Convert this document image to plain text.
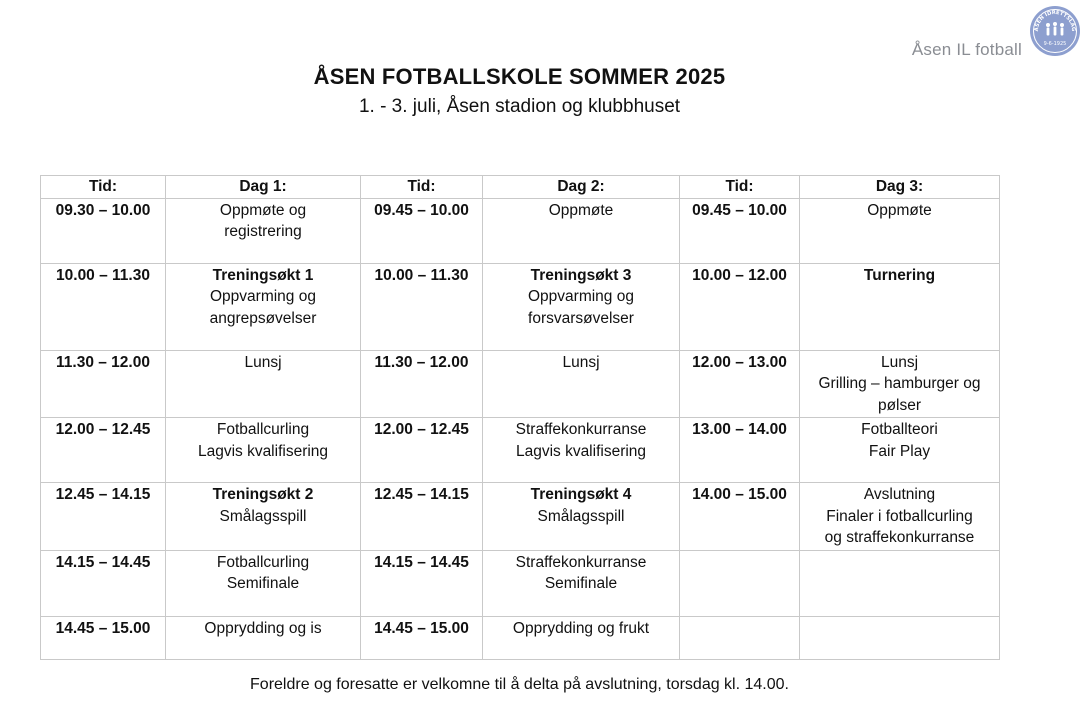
Åsen IL fotball
ÅSEN IDRETTSLAG
9-6-1925
ÅSEN FOTBALLSKOLE SOMMER 2025
1. - 3. juli, Åsen stadion og klubbhuset
Tid:	Dag 1:	Tid:	Dag 2:	Tid:	Dag 3:
09.30 – 10.00	Oppmøte og
registrering	09.45 – 10.00	Oppmøte	09.45 – 10.00	Oppmøte

10.00 – 11.30	Treningsøkt 1
Oppvarming og
angrepsøvelser	10.00 – 11.30	Treningsøkt 3
Oppvarming og
forsvarsøvelser	10.00 – 12.00	Turnering

11.30 – 12.00	Lunsj	11.30 – 12.00	Lunsj	12.00 – 13.00	Lunsj
Grilling – hamburger og
pølser

12.00 – 12.45	Fotballcurling
Lagvis kvalifisering	12.00 – 12.45	Straffekonkurranse
Lagvis kvalifisering	13.00 – 14.00	Fotballteori
Fair Play

12.45 – 14.15	Treningsøkt 2
Smålagsspill	12.45 – 14.15	Treningsøkt 4
Smålagsspill	14.00 – 15.00	Avslutning
Finaler i fotballcurling
og straffekonkurranse

14.15 – 14.45	Fotballcurling
Semifinale	14.15 – 14.45	Straffekonkurranse
Semifinale		

14.45 – 15.00	Opprydding og is	14.45 – 15.00	Opprydding og frukt		

Foreldre og foresatte er velkomne til å delta på avslutning, torsdag kl. 14.00.
